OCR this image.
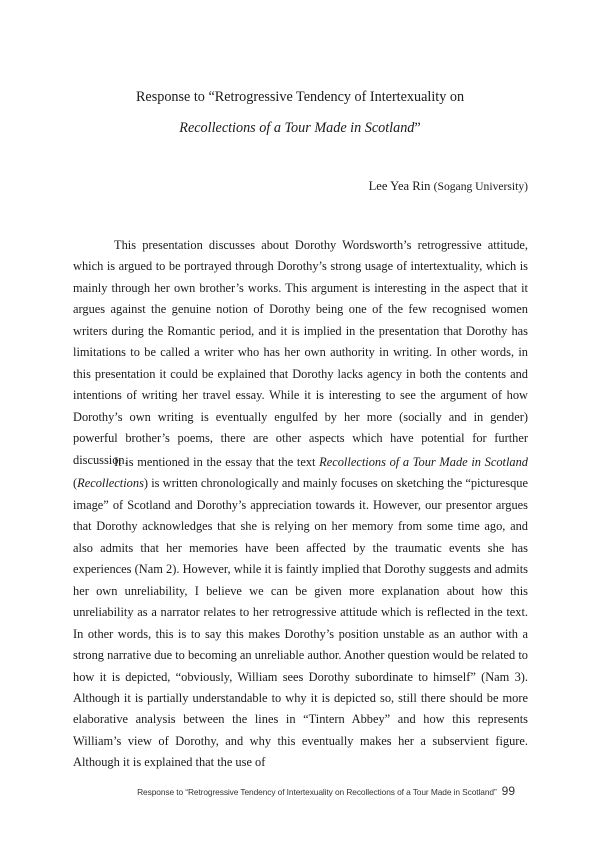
Response to “Retrogressive Tendency of Intertexuality on
Recollections of a Tour Made in Scotland”
Lee Yea Rin (Sogang University)

This presentation discusses about Dorothy Wordsworth’s retrogressive attitude, which is argued to be portrayed through Dorothy’s strong usage of intertextuality, which is mainly through her own brother’s works. This argument is interesting in the aspect that it argues against the genuine notion of Dorothy being one of the few recognised women writers during the Romantic period, and it is implied in the presentation that Dorothy has limitations to be called a writer who has her own authority in writing. In other words, in this presentation it could be explained that Dorothy lacks agency in both the contents and intentions of writing her travel essay. While it is interesting to see the argument of how Dorothy’s own writing is eventually engulfed by her more (socially and in gender) powerful brother’s poems, there are other aspects which have potential for further discussion.

It is mentioned in the essay that the text Recollections of a Tour Made in Scotland (Recollections) is written chronologically and mainly focuses on sketching the “picturesque image” of Scotland and Dorothy’s appreciation towards it. However, our presentor argues that Dorothy acknowledges that she is relying on her memory from some time ago, and also admits that her memories have been affected by the traumatic events she has experiences (Nam 2). However, while it is faintly implied that Dorothy suggests and admits her own unreliability, I believe we can be given more explanation about how this unreliability as a narrator relates to her retrogressive attitude which is reflected in the text. In other words, this is to say this makes Dorothy’s position unstable as an author with a strong narrative due to becoming an unreliable author. Another question would be related to how it is depicted, “obviously, William sees Dorothy subordinate to himself” (Nam 3). Although it is partially understandable to why it is depicted so, still there should be more elaborative analysis between the lines in “Tintern Abbey” and how this represents William’s view of Dorothy, and why this eventually makes her a subservient figure. Although it is explained that the use of

Response to “Retrogressive Tendency of Intertexuality on Recollections of a Tour Made in Scotland” 99
